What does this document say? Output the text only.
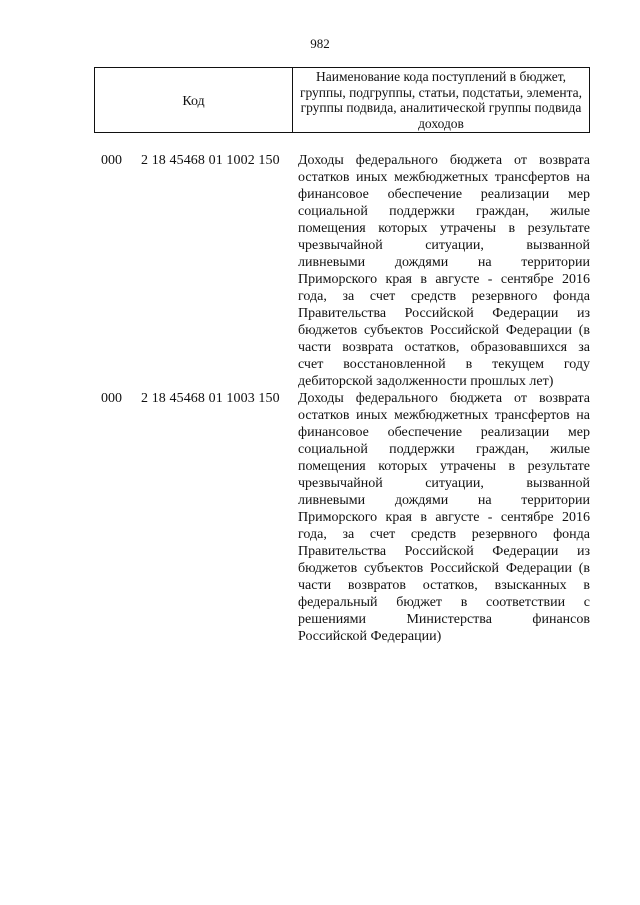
982
Код
Наименование кода поступлений в бюджет, группы, подгруппы, статьи, подстатьи, элемента, группы подвида, аналитической группы подвида доходов
000 2 18 45468 01 1002 150 Доходы федерального бюджета от возврата
остатков иных межбюджетных трансфертов на
финансовое обеспечение реализации мер
социальной поддержки граждан, жилые
помещения которых утрачены в результате
чрезвычайной ситуации, вызванной
ливневыми дождями на территории
Приморского края в августе - сентябре 2016
года, за счет средств резервного фонда
Правительства Российской Федерации из
бюджетов субъектов Российской Федерации (в
части возврата остатков, образовавшихся за
счет восстановленной в текущем году
дебиторской задолженности прошлых лет)
000 2 18 45468 01 1003 150 Доходы федерального бюджета от возврата
остатков иных межбюджетных трансфертов на
финансовое обеспечение реализации мер
социальной поддержки граждан, жилые
помещения которых утрачены в результате
чрезвычайной ситуации, вызванной
ливневыми дождями на территории
Приморского края в августе - сентябре 2016
года, за счет средств резервного фонда
Правительства Российской Федерации из
бюджетов субъектов Российской Федерации (в
части возвратов остатков, взысканных в
федеральный бюджет в соответствии с
решениями Министерства финансов
Российской Федерации)
